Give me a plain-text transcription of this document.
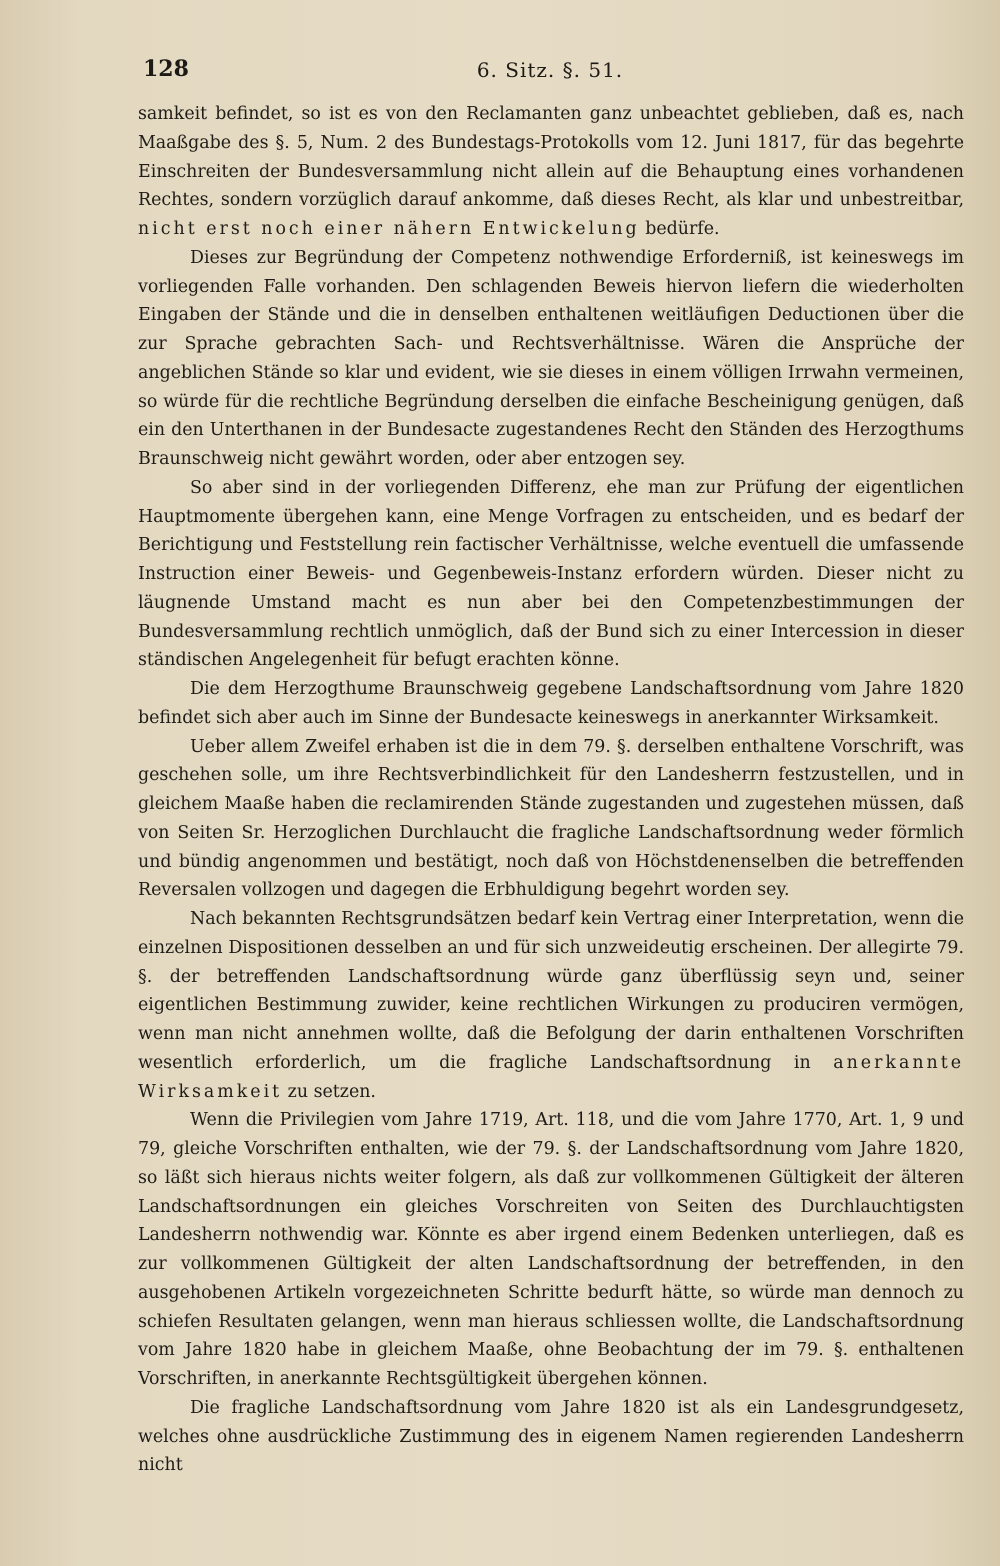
128	6. Sitz. §. 51.

samkeit befindet, so ist es von den Reclamanten ganz unbeachtet geblieben, daß es, nach Maaßgabe des §. 5, Num. 2 des Bundestags-Protokolls vom 12. Juni 1817, für das begehrte Einschreiten der Bundesversammlung nicht allein auf die Behauptung eines vorhandenen Rechtes, sondern vorzüglich darauf ankomme, daß dieses Recht, als klar und unbestreitbar, nicht erst noch einer nähern Entwickelung bedürfe.

Dieses zur Begründung der Competenz nothwendige Erforderniß, ist keineswegs im vorliegenden Falle vorhanden. Den schlagenden Beweis hiervon liefern die wiederholten Eingaben der Stände und die in denselben enthaltenen weitläufigen Deductionen über die zur Sprache gebrachten Sach- und Rechtsverhältnisse. Wären die Ansprüche der angeblichen Stände so klar und evident, wie sie dieses in einem völligen Irrwahn vermeinen, so würde für die rechtliche Begründung derselben die einfache Bescheinigung genügen, daß ein den Unterthanen in der Bundesacte zugestandenes Recht den Ständen des Herzogthums Braunschweig nicht gewährt worden, oder aber entzogen sey.

So aber sind in der vorliegenden Differenz, ehe man zur Prüfung der eigentlichen Hauptmomente übergehen kann, eine Menge Vorfragen zu entscheiden, und es bedarf der Berichtigung und Feststellung rein factischer Verhältnisse, welche eventuell die umfassende Instruction einer Beweis- und Gegenbeweis-Instanz erfordern würden. Dieser nicht zu läugnende Umstand macht es nun aber bei den Competenzbestimmungen der Bundesversammlung rechtlich unmöglich, daß der Bund sich zu einer Intercession in dieser ständischen Angelegenheit für befugt erachten könne.

Die dem Herzogthume Braunschweig gegebene Landschaftsordnung vom Jahre 1820 befindet sich aber auch im Sinne der Bundesacte keineswegs in anerkannter Wirksamkeit.

Ueber allem Zweifel erhaben ist die in dem 79. §. derselben enthaltene Vorschrift, was geschehen solle, um ihre Rechtsverbindlichkeit für den Landesherrn festzustellen, und in gleichem Maaße haben die reclamirenden Stände zugestanden und zugestehen müssen, daß von Seiten Sr. Herzoglichen Durchlaucht die fragliche Landschaftsordnung weder förmlich und bündig angenommen und bestätigt, noch daß von Höchstdenenselben die betreffenden Reversalen vollzogen und dagegen die Erbhuldigung begehrt worden sey.

Nach bekannten Rechtsgrundsätzen bedarf kein Vertrag einer Interpretation, wenn die einzelnen Dispositionen desselben an und für sich unzweideutig erscheinen. Der allegirte 79. §. der betreffenden Landschaftsordnung würde ganz überflüssig seyn und, seiner eigentlichen Bestimmung zuwider, keine rechtlichen Wirkungen zu produciren vermögen, wenn man nicht annehmen wollte, daß die Befolgung der darin enthaltenen Vorschriften wesentlich erforderlich, um die fragliche Landschaftsordnung in anerkannte Wirksamkeit zu setzen.

Wenn die Privilegien vom Jahre 1719, Art. 118, und die vom Jahre 1770, Art. 1, 9 und 79, gleiche Vorschriften enthalten, wie der 79. §. der Landschaftsordnung vom Jahre 1820, so läßt sich hieraus nichts weiter folgern, als daß zur vollkommenen Gültigkeit der älteren Landschaftsordnungen ein gleiches Vorschreiten von Seiten des Durchlauchtigsten Landesherrn nothwendig war. Könnte es aber irgend einem Bedenken unterliegen, daß es zur vollkommenen Gültigkeit der alten Landschaftsordnung der betreffenden, in den ausgehobenen Artikeln vorgezeichneten Schritte bedurft hätte, so würde man dennoch zu schiefen Resultaten gelangen, wenn man hieraus schliessen wollte, die Landschaftsordnung vom Jahre 1820 habe in gleichem Maaße, ohne Beobachtung der im 79. §. enthaltenen Vorschriften, in anerkannte Rechtsgültigkeit übergehen können.

Die fragliche Landschaftsordnung vom Jahre 1820 ist als ein Landesgrundgesetz, welches ohne ausdrückliche Zustimmung des in eigenem Namen regierenden Landesherrn nicht
